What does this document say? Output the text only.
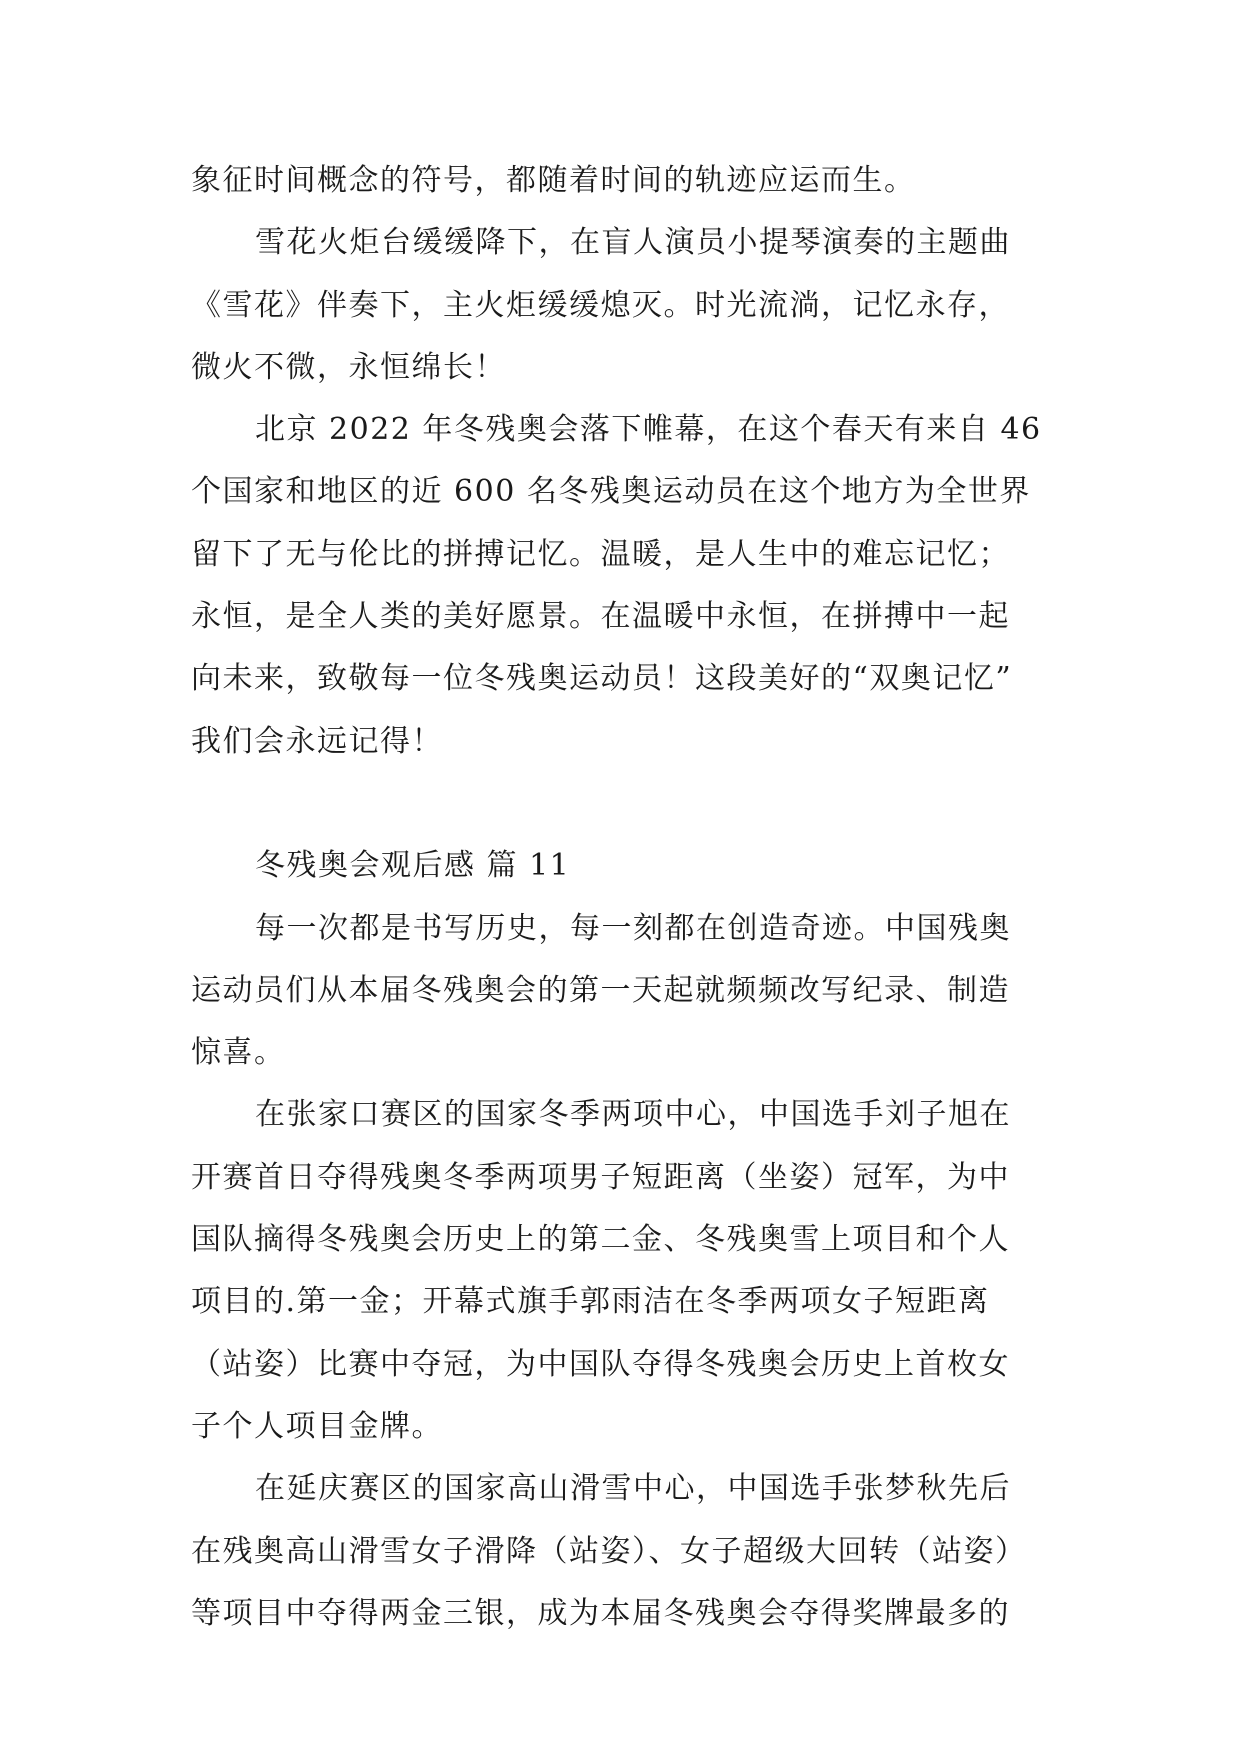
象征时间概念的符号，都随着时间的轨迹应运而生。
雪花火炬台缓缓降下，在盲人演员小提琴演奏的主题曲
《雪花》伴奏下，主火炬缓缓熄灭。时光流淌，记忆永存，
微火不微，永恒绵长！
北京 2022 年冬残奥会落下帷幕，在这个春天有来自 46
个国家和地区的近 600 名冬残奥运动员在这个地方为全世界
留下了无与伦比的拼搏记忆。温暖，是人生中的难忘记忆；
永恒，是全人类的美好愿景。在温暖中永恒，在拼搏中一起
向未来，致敬每一位冬残奥运动员！这段美好的“双奥记忆”
我们会永远记得！
冬残奥会观后感 篇 11
每一次都是书写历史，每一刻都在创造奇迹。中国残奥
运动员们从本届冬残奥会的第一天起就频频改写纪录、制造
惊喜。
在张家口赛区的国家冬季两项中心，中国选手刘子旭在
开赛首日夺得残奥冬季两项男子短距离（坐姿）冠军，为中
国队摘得冬残奥会历史上的第二金、冬残奥雪上项目和个人
项目的.第一金；开幕式旗手郭雨洁在冬季两项女子短距离
（站姿）比赛中夺冠，为中国队夺得冬残奥会历史上首枚女
子个人项目金牌。
在延庆赛区的国家高山滑雪中心，中国选手张梦秋先后
在残奥高山滑雪女子滑降（站姿）、女子超级大回转（站姿）
等项目中夺得两金三银，成为本届冬残奥会夺得奖牌最多的
